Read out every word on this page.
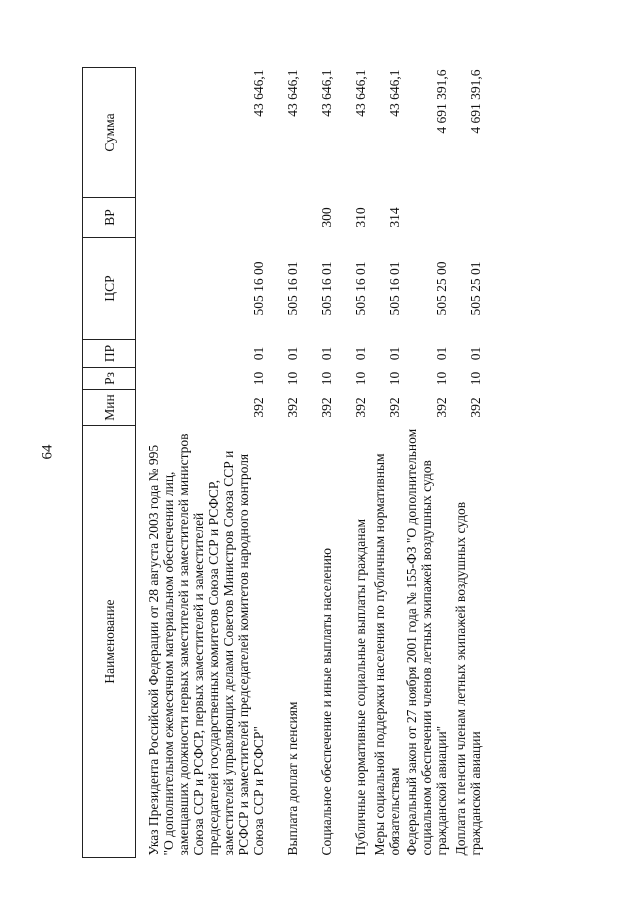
64
Наименование	Мин	Рз	ПР	ЦСР	ВР	Сумма
Указ Президента Российской Федерации от 28 августа 2003 года № 995 "О дополнительном ежемесячном материальном обеспечении лиц, замещавших должности первых заместителей и заместителей министров Союза ССР и РСФСР, первых заместителей и заместителей председателей государственных комитетов Союза ССР и РСФСР, заместителей управляющих делами Советов Министров Союза ССР и РСФСР и заместителей председателей комитетов народного контроля Союза ССР и РСФСР"	392	10	01	505 16 00		43 646,1
Выплата доплат к пенсиям	392	10	01	505 16 01		43 646,1
Социальное обеспечение и иные выплаты населению	392	10	01	505 16 01	300	43 646,1
Публичные нормативные социальные выплаты гражданам	392	10	01	505 16 01	310	43 646,1
Меры социальной поддержки населения по публичным нормативным обязательствам	392	10	01	505 16 01	314	43 646,1
Федеральный закон от 27 ноября 2001 года № 155-ФЗ "О дополнительном социальном обеспечении членов летных экипажей воздушных судов гражданской авиации"	392	10	01	505 25 00		4 691 391,6
Доплата к пенсии членам летных экипажей воздушных судов гражданской авиации	392	10	01	505 25 01		4 691 391,6
